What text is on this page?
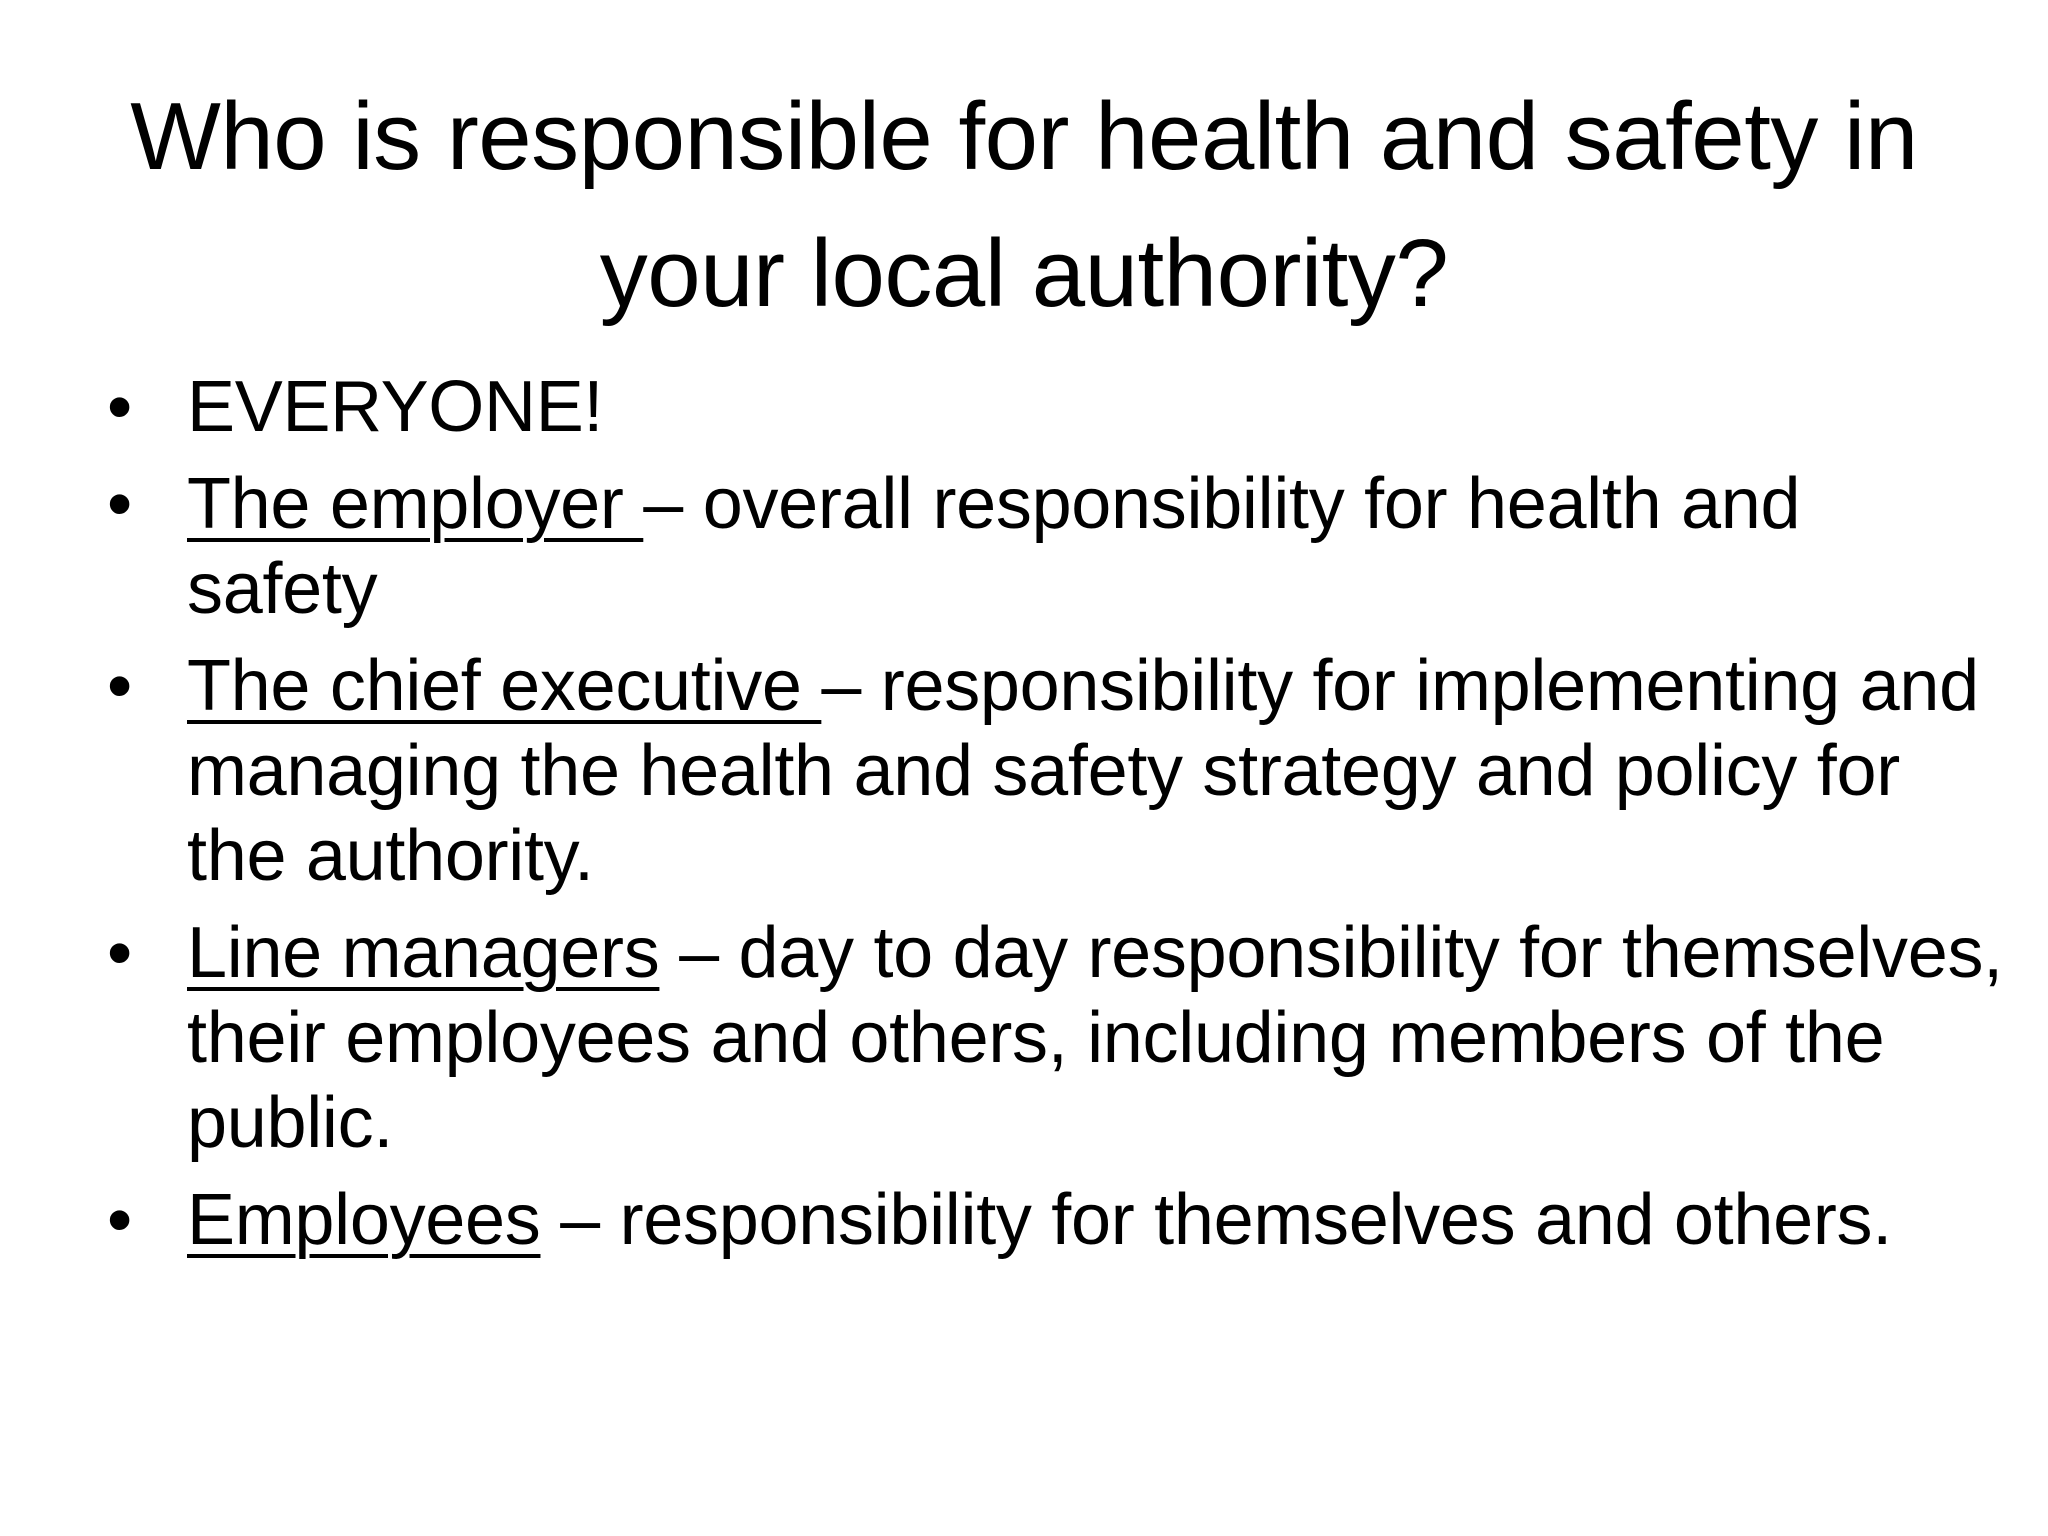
Who is responsible for health and safety in your local authority?
• EVERYONE!
• The employer – overall responsibility for health and safety
• The chief executive – responsibility for implementing and managing the health and safety strategy and policy for the authority.
• Line managers – day to day responsibility for themselves, their employees and others, including members of the public.
• Employees – responsibility for themselves and others.
